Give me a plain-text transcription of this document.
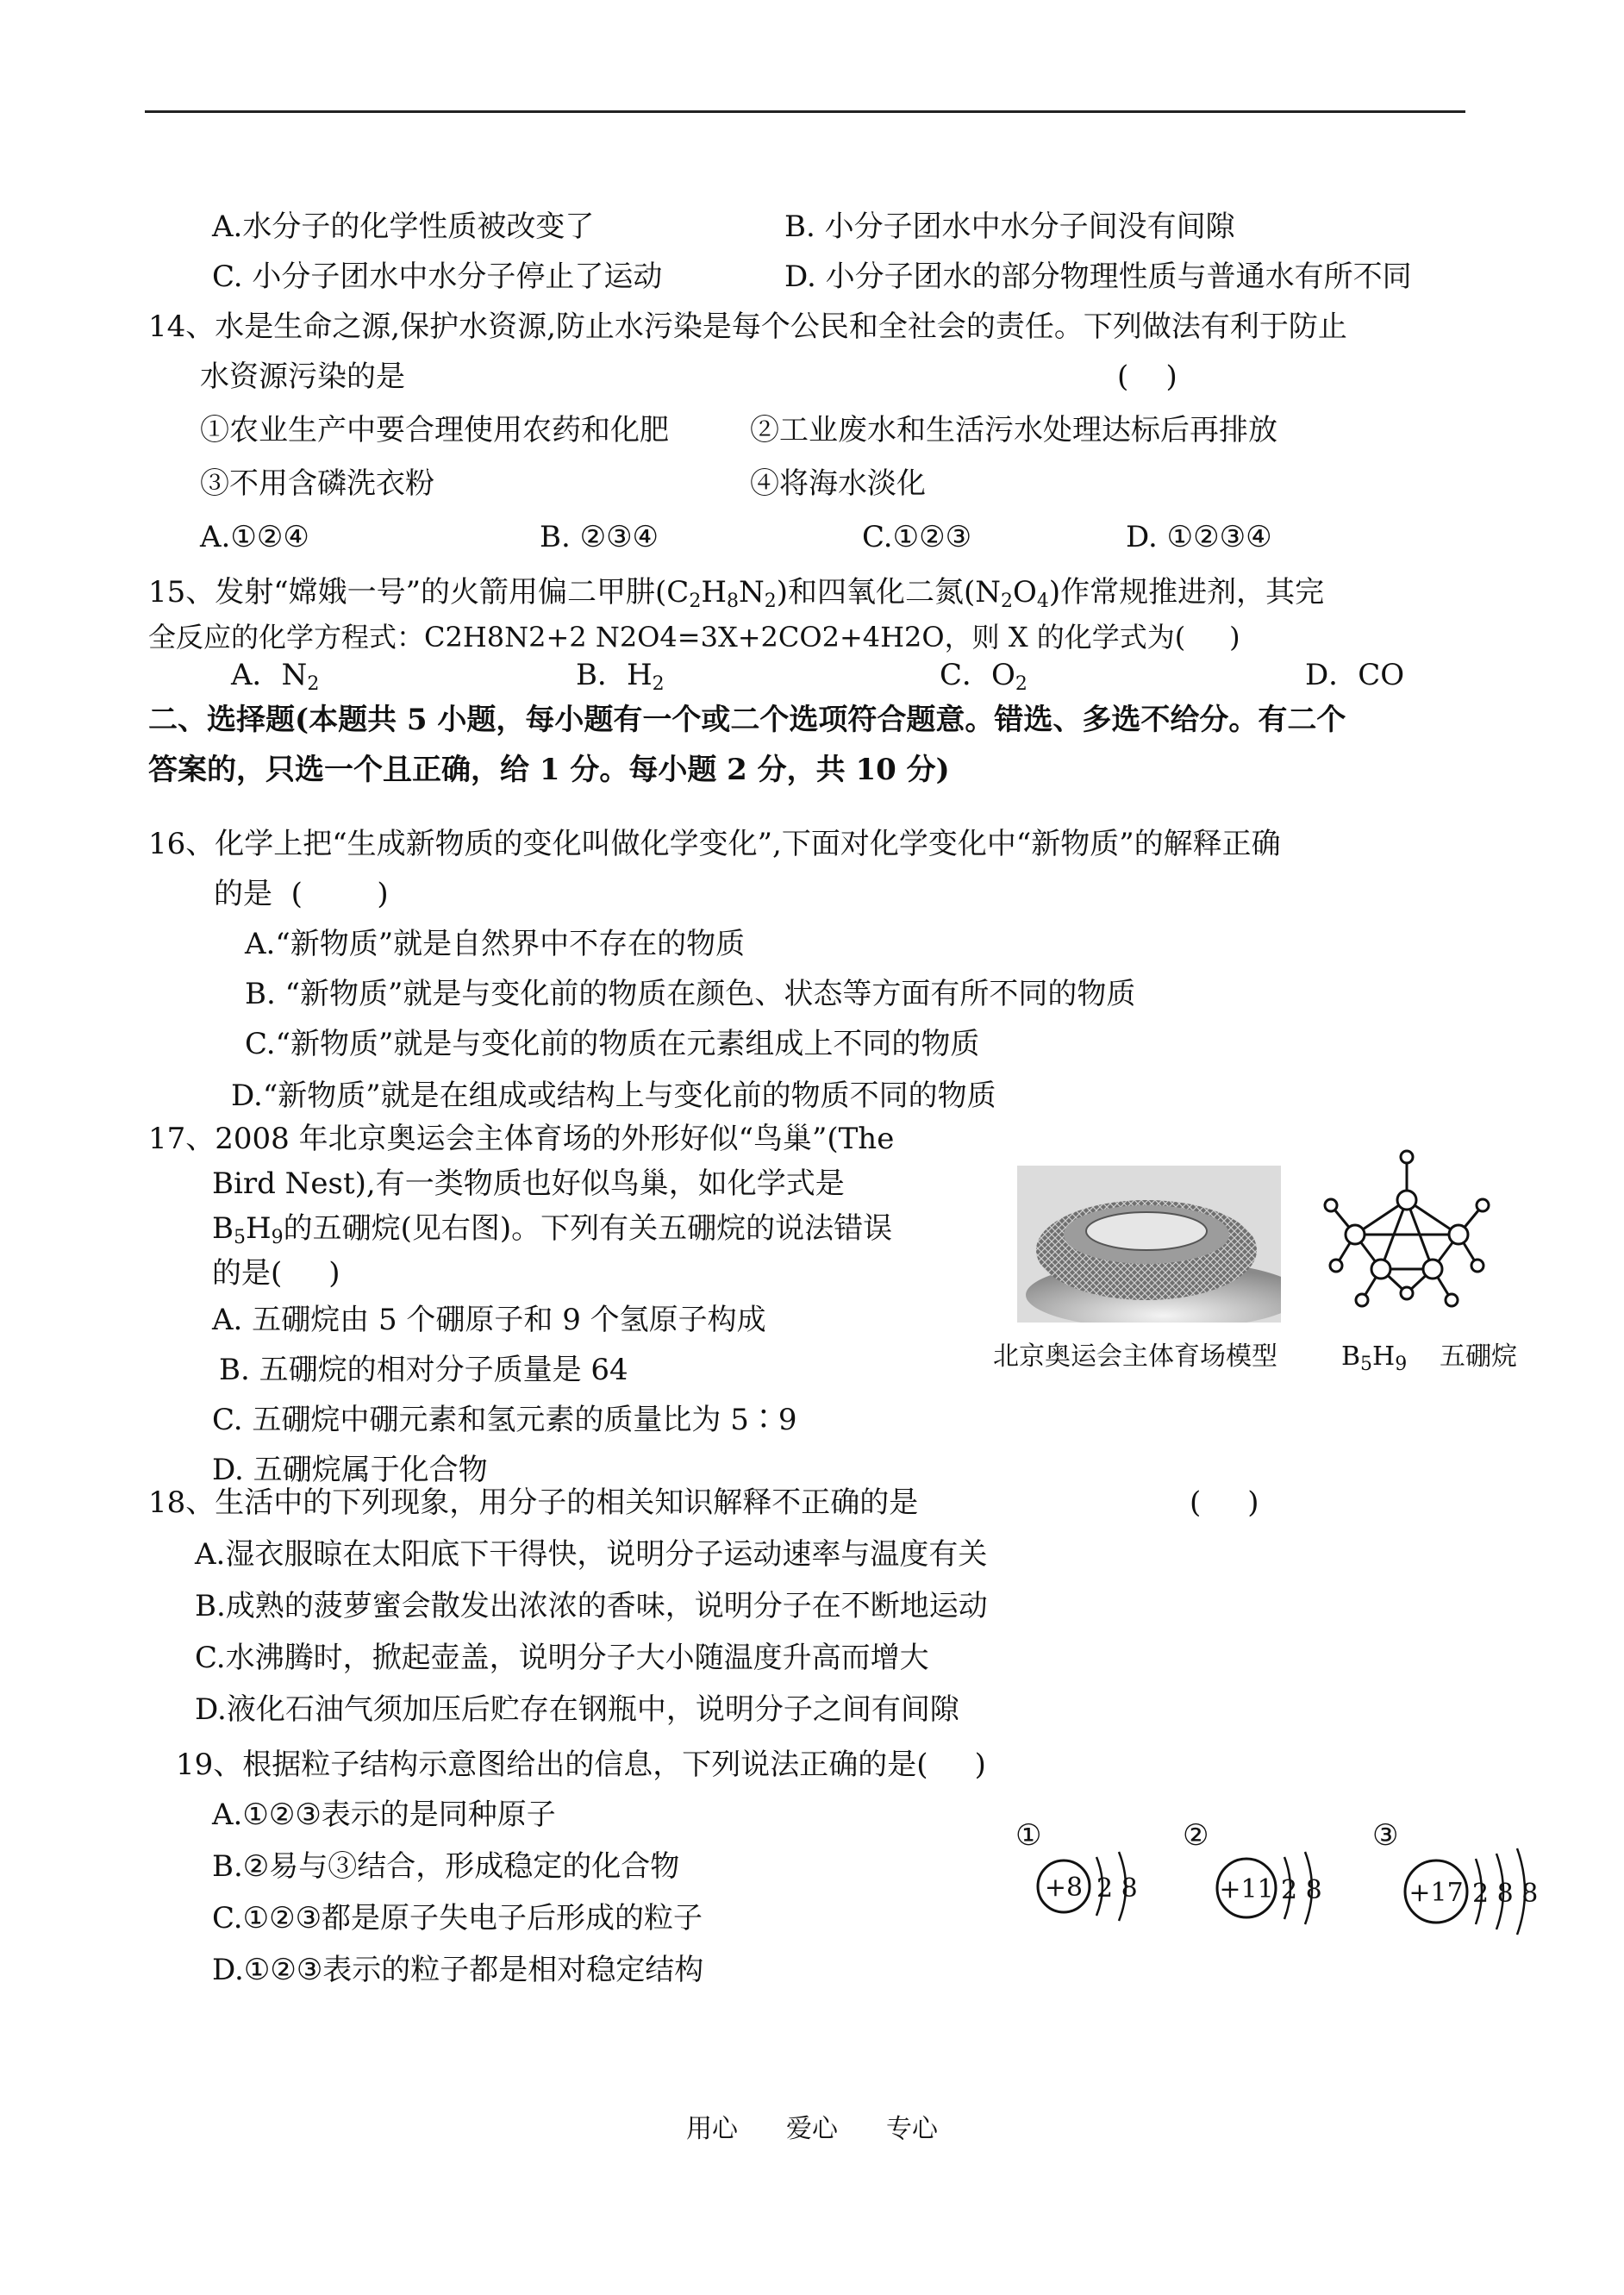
A.水分子的化学性质被改变了	B. 小分子团水中水分子间没有间隙
C. 小分子团水中水分子停止了运动	D. 小分子团水的部分物理性质与普通水有所不同
14、水是生命之源,保护水资源,防止水污染是每个公民和全社会的责任。下列做法有利于防止
水资源污染的是	(    )
①农业生产中要合理使用农药和化肥	②工业废水和生活污水处理达标后再排放
③不用含磷洗衣粉	④将海水淡化
A.①②④	B. ②③④	C.①②③	D. ①②③④
15、发射“嫦娥一号”的火箭用偏二甲肼$(C_2H_8N_2)$和四氧化二氮$(N_2O_4)$作常规推进剂，其完
全反应的化学方程式：C2H8N2+2 N2O4=3X+2CO2+4H2O，则 X 的化学式为(     )
A．$N_2$	B．$H_2$	C．$O_2$	D．CO
二、选择题(本题共 5 小题，每小题有一个或二个选项符合题意。错选、多选不给分。有二个
答案的，只选一个且正确，给 1 分。每小题 2 分，共 10 分)
16、化学上把“生成新物质的变化叫做化学变化”,下面对化学变化中“新物质”的解释正确
的是  (        )
A.“新物质”就是自然界中不存在的物质
B. “新物质”就是与变化前的物质在颜色、状态等方面有所不同的物质
C.“新物质”就是与变化前的物质在元素组成上不同的物质
D.“新物质”就是在组成或结构上与变化前的物质不同的物质
17、2008 年北京奥运会主体育场的外形好似“鸟巢”(The
Bird Nest),有一类物质也好似鸟巢，如化学式是
$B_5H_9$的五硼烷(见右图)。下列有关五硼烷的说法错误
的是(     )
A. 五硼烷由 5 个硼原子和 9 个氢原子构成
B. 五硼烷的相对分子质量是 64
C. 五硼烷中硼元素和氢元素的质量比为 5∶9
D. 五硼烷属于化合物
北京奥运会主体育场模型 $B_5H_9$ 五硼烷
18、生活中的下列现象，用分子的相关知识解释不正确的是	(     )
A.湿衣服晾在太阳底下干得快，说明分子运动速率与温度有关
B.成熟的菠萝蜜会散发出浓浓的香味，说明分子在不断地运动
C.水沸腾时，掀起壶盖，说明分子大小随温度升高而增大
D.液化石油气须加压后贮存在钢瓶中，说明分子之间有间隙
19、根据粒子结构示意图给出的信息，下列说法正确的是(     )
A.①②③表示的是同种原子
B.②易与③结合，形成稳定的化合物
C.①②③都是原子失电子后形成的粒子
D.①②③表示的粒子都是相对稳定结构
①
+8 2 8
②
+11 2 8
③
+17 2 8 8
用心 爱心 专心
